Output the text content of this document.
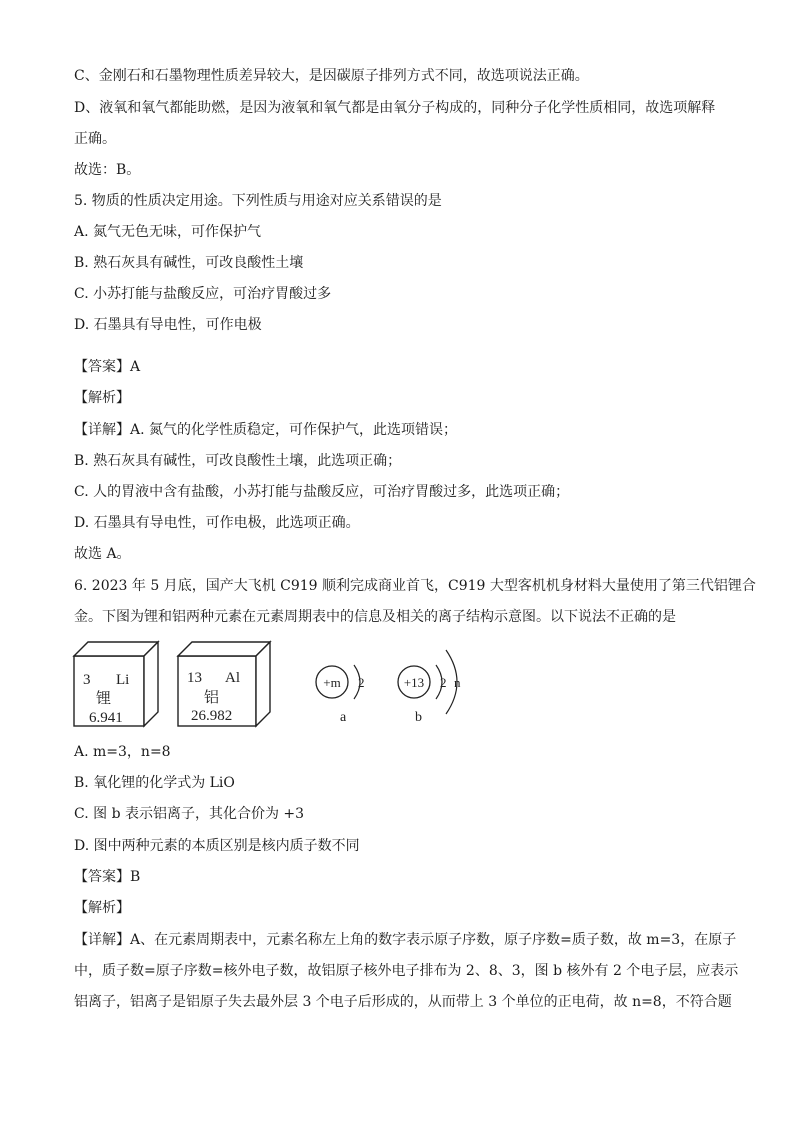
C、金刚石和石墨物理性质差异较大，是因碳原子排列方式不同，故选项说法正确。
D、液氧和氧气都能助燃，是因为液氧和氧气都是由氧分子构成的，同种分子化学性质相同，故选项解释
正确。
故选：B。
5. 物质的性质决定用途。下列性质与用途对应关系错误的是
A. 氮气无色无味，可作保护气
B. 熟石灰具有碱性，可改良酸性土壤
C. 小苏打能与盐酸反应，可治疗胃酸过多
D. 石墨具有导电性，可作电极
【答案】A
【解析】
【详解】A. 氮气的化学性质稳定，可作保护气，此选项错误；
B. 熟石灰具有碱性，可改良酸性土壤，此选项正确；
C. 人的胃液中含有盐酸，小苏打能与盐酸反应，可治疗胃酸过多，此选项正确；
D. 石墨具有导电性，可作电极，此选项正确。
故选 A。
6. 2023 年 5 月底，国产大飞机 C919 顺利完成商业首飞，C919 大型客机机身材料大量使用了第三代铝锂合
金。下图为锂和铝两种元素在元素周期表中的信息及相关的离子结构示意图。以下说法不正确的是
3 Li
锂
6.941
13 Al
铝
26.982
+m 2
a
+13 2 n
b
A. m=3，n=8
B. 氧化锂的化学式为 LiO
C. 图 b 表示铝离子，其化合价为 +3
D. 图中两种元素的本质区别是核内质子数不同
【答案】B
【解析】
【详解】A、在元素周期表中，元素名称左上角的数字表示原子序数，原子序数=质子数，故 m=3，在原子
中，质子数=原子序数=核外电子数，故铝原子核外电子排布为 2、8、3，图 b 核外有 2 个电子层，应表示
铝离子，铝离子是铝原子失去最外层 3 个电子后形成的，从而带上 3 个单位的正电荷，故 n=8，不符合题
